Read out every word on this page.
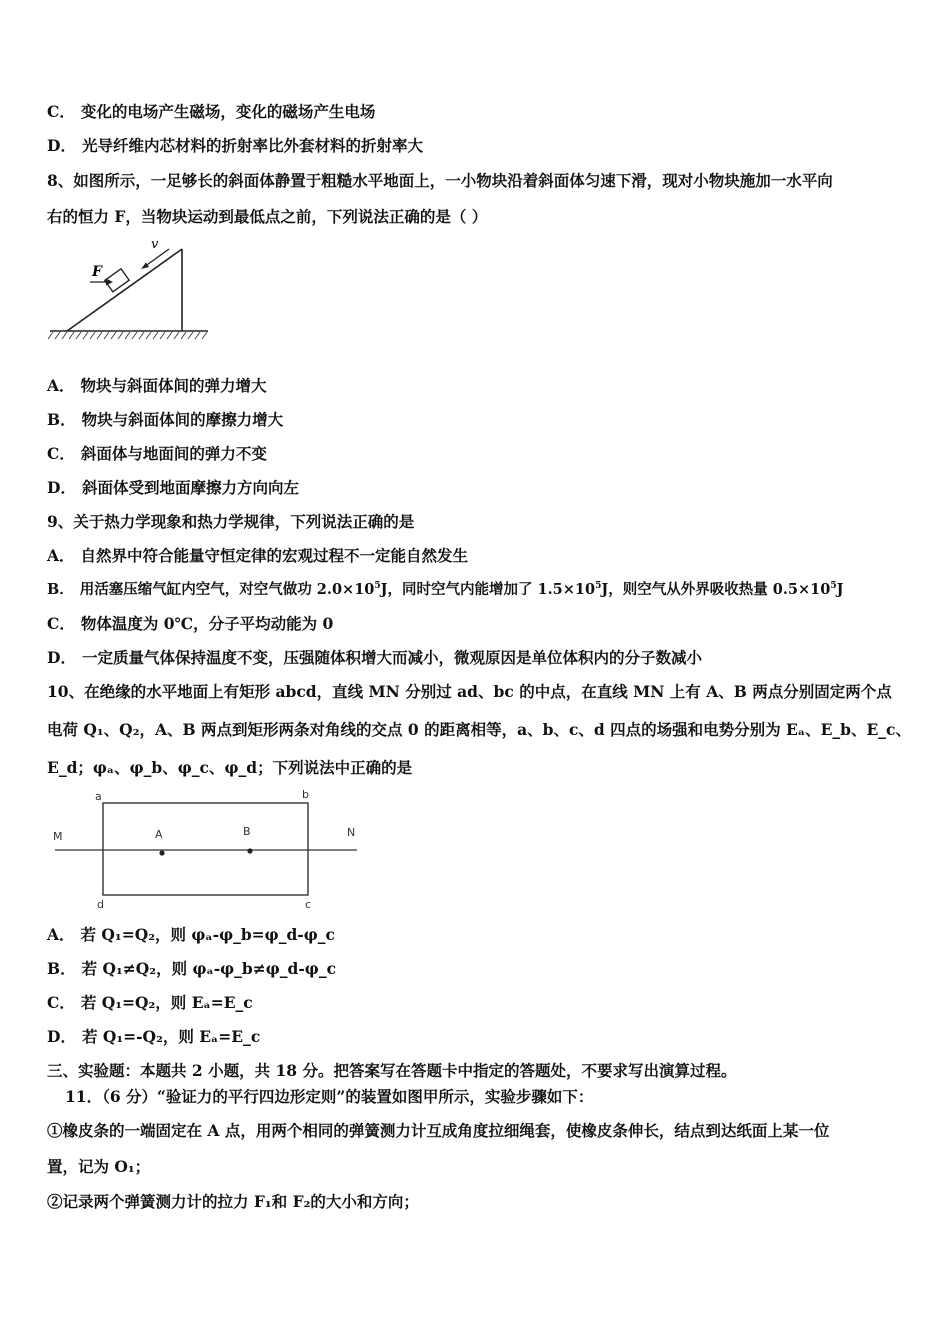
C． 变化的电场产生磁场，变化的磁场产生电场
D． 光导纤维内芯材料的折射率比外套材料的折射率大
8、如图所示，一足够长的斜面体静置于粗糙水平地面上，一小物块沿着斜面体匀速下滑，现对小物块施加一水平向
右的恒力 F，当物块运动到最低点之前，下列说法正确的是（ ）
F
v
A． 物块与斜面体间的弹力增大
B． 物块与斜面体间的摩擦力增大
C． 斜面体与地面间的弹力不变
D． 斜面体受到地面摩擦力方向向左
9、关于热力学现象和热力学规律，下列说法正确的是
A． 自然界中符合能量守恒定律的宏观过程不一定能自然发生
B． 用活塞压缩气缸内空气，对空气做功 $2.0\times 10^5J$，同时空气内能增加了 $1.5\times 10^5J$，则空气从外界吸收热量 $0.5\times 10^5J$
C． 物体温度为 0℃，分子平均动能为 0
D． 一定质量气体保持温度不变，压强随体积增大而减小，微观原因是单位体积内的分子数减小
10、在绝缘的水平地面上有矩形 abcd，直线 MN 分别过 ad、bc 的中点，在直线 MN 上有 A、B 两点分别固定两个点
电荷 Q₁、Q₂，A、B 两点到矩形两条对角线的交点 0 的距离相等，a、b、c、d 四点的场强和电势分别为 Eₐ、E_b、E_c、
E_d；φₐ、φ_b、φ_c、φ_d；下列说法中正确的是
a	b
c
d
M	N
A	B
A． 若 Q₁=Q₂，则 φₐ-φ_b=φ_d-φ_c
B． 若 Q₁≠Q₂，则 φₐ-φ_b≠φ_d-φ_c
C． 若 Q₁=Q₂，则 Eₐ=E_c
D． 若 Q₁=-Q₂，则 Eₐ=E_c
三、实验题：本题共 2 小题，共 18 分。把答案写在答题卡中指定的答题处，不要求写出演算过程。
11．（6 分）“验证力的平行四边形定则”的装置如图甲所示，实验步骤如下：
①橡皮条的一端固定在 A 点，用两个相同的弹簧测力计互成角度拉细绳套，使橡皮条伸长，结点到达纸面上某一位
置，记为 O₁；
②记录两个弹簧测力计的拉力 F₁和 F₂的大小和方向；
